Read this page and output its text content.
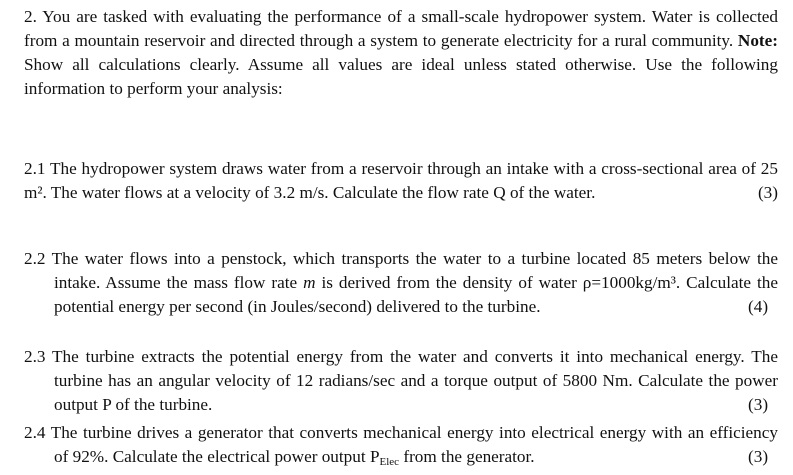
2. You are tasked with evaluating the performance of a small-scale hydropower system. Water is collected from a mountain reservoir and directed through a system to generate electricity for a rural community. Note: Show all calculations clearly. Assume all values are ideal unless stated otherwise. Use the following information to perform your analysis:

2.1 The hydropower system draws water from a reservoir through an intake with a cross-sectional area of 25 m². The water flows at a velocity of 3.2 m/s. Calculate the flow rate Q of the water.	(3)

2.2 The water flows into a penstock, which transports the water to a turbine located 85 meters below the intake. Assume the mass flow rate m is derived from the density of water ρ=1000kg/m³. Calculate the potential energy per second (in Joules/second) delivered to the turbine.	(4)

2.3 The turbine extracts the potential energy from the water and converts it into mechanical energy. The turbine has an angular velocity of 12 radians/sec and a torque output of 5800 Nm. Calculate the power output P of the turbine.	(3)

2.4 The turbine drives a generator that converts mechanical energy into electrical energy with an efficiency of 92%. Calculate the electrical power output $P_{Elec}$ from the generator.	(3)
